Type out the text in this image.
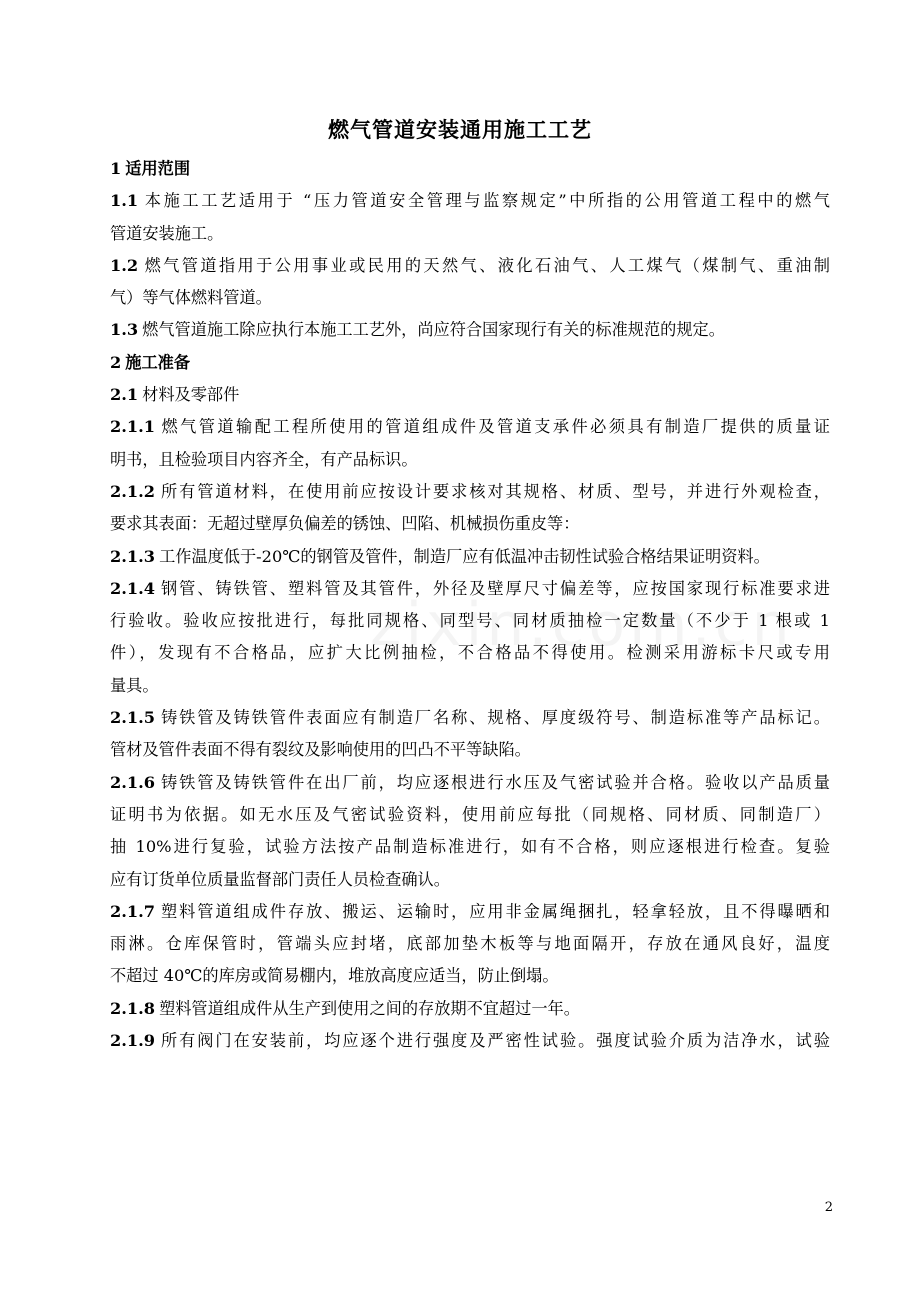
燃气管道安装通用施工工艺
1 适用范围
1.1 本施工工艺适用于 “压力管道安全管理与监察规定”中所指的公用管道工程中的燃气
管道安装施工。
1.2 燃气管道指用于公用事业或民用的天然气、液化石油气、人工煤气（煤制气、重油制
气）等气体燃料管道。
1.3 燃气管道施工除应执行本施工工艺外，尚应符合国家现行有关的标准规范的规定。
2 施工准备
2.1 材料及零部件
2.1.1 燃气管道输配工程所使用的管道组成件及管道支承件必须具有制造厂提供的质量证
明书，且检验项目内容齐全，有产品标识。
2.1.2 所有管道材料，在使用前应按设计要求核对其规格、材质、型号，并进行外观检查，
要求其表面：无超过壁厚负偏差的锈蚀、凹陷、机械损伤重皮等：
2.1.3 工作温度低于-20℃的钢管及管件，制造厂应有低温冲击韧性试验合格结果证明资料。
2.1.4 钢管、铸铁管、塑料管及其管件，外径及壁厚尺寸偏差等，应按国家现行标准要求进
行验收。验收应按批进行，每批同规格、同型号、同材质抽检一定数量（不少于 1 根或 1
件），发现有不合格品，应扩大比例抽检，不合格品不得使用。检测采用游标卡尺或专用
量具。
2.1.5 铸铁管及铸铁管件表面应有制造厂名称、规格、厚度级符号、制造标准等产品标记。
管材及管件表面不得有裂纹及影响使用的凹凸不平等缺陷。
2.1.6 铸铁管及铸铁管件在出厂前，均应逐根进行水压及气密试验并合格。验收以产品质量
证明书为依据。如无水压及气密试验资料，使用前应每批（同规格、同材质、同制造厂）
抽 10%进行复验，试验方法按产品制造标准进行，如有不合格，则应逐根进行检查。复验
应有订货单位质量监督部门责任人员检查确认。
2.1.7 塑料管道组成件存放、搬运、运输时，应用非金属绳捆扎，轻拿轻放，且不得曝晒和
雨淋。仓库保管时，管端头应封堵，底部加垫木板等与地面隔开，存放在通风良好，温度
不超过 40℃的库房或简易棚内，堆放高度应适当，防止倒塌。
2.1.8 塑料管道组成件从生产到使用之间的存放期不宜超过一年。
2.1.9 所有阀门在安装前，均应逐个进行强度及严密性试验。强度试验介质为洁净水，试验
2
